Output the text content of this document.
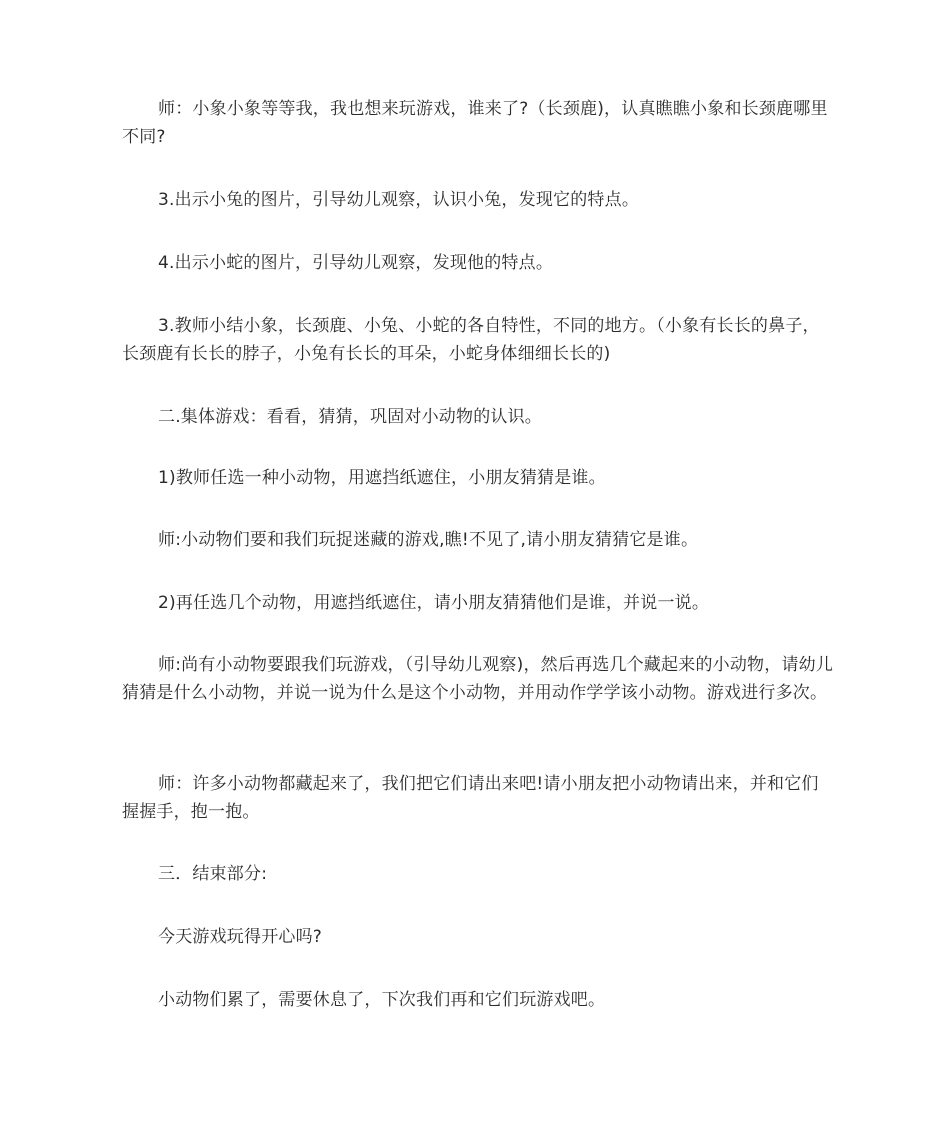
师：小象小象等等我，我也想来玩游戏，谁来了?（长颈鹿)，认真瞧瞧小象和长颈鹿哪里不同?

3.出示小兔的图片，引导幼儿观察，认识小兔，发现它的特点。

4.出示小蛇的图片，引导幼儿观察，发现他的特点。

3.教师小结小象，长颈鹿、小兔、小蛇的各自特性，不同的地方。（小象有长长的鼻子，长颈鹿有长长的脖子，小兔有长长的耳朵，小蛇身体细细长长的)

二.集体游戏：看看，猜猜，巩固对小动物的认识。

1)教师任选一种小动物，用遮挡纸遮住，小朋友猜猜是谁。

师:小动物们要和我们玩捉迷藏的游戏,瞧!不见了,请小朋友猜猜它是谁。

2)再任选几个动物，用遮挡纸遮住，请小朋友猜猜他们是谁，并说一说。

师:尚有小动物要跟我们玩游戏，（引导幼儿观察)，然后再选几个藏起来的小动物，请幼儿猜猜是什么小动物，并说一说为什么是这个小动物，并用动作学学该小动物。游戏进行多次。

师：许多小动物都藏起来了，我们把它们请出来吧!请小朋友把小动物请出来，并和它们握握手，抱一抱。

三．结束部分:

今天游戏玩得开心吗?

小动物们累了，需要休息了，下次我们再和它们玩游戏吧。
